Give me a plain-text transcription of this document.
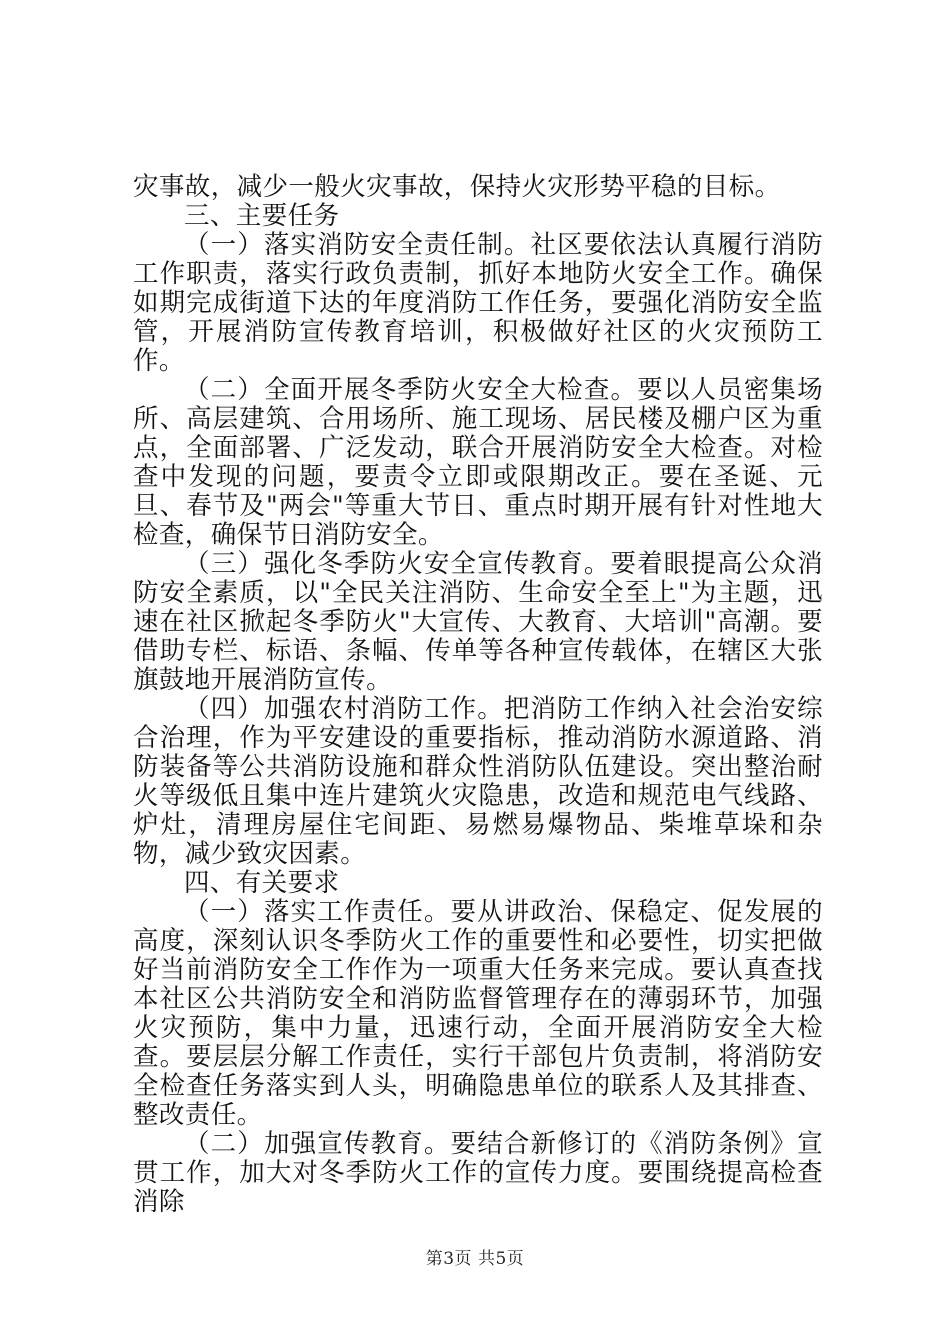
灾事故，减少一般火灾事故，保持火灾形势平稳的目标。

三、主要任务

（一）落实消防安全责任制。社区要依法认真履行消防工作职责，落实行政负责制，抓好本地防火安全工作。确保如期完成街道下达的年度消防工作任务，要强化消防安全监管，开展消防宣传教育培训，积极做好社区的火灾预防工作。

（二）全面开展冬季防火安全大检查。要以人员密集场所、高层建筑、合用场所、施工现场、居民楼及棚户区为重点，全面部署、广泛发动，联合开展消防安全大检查。对检查中发现的问题，要责令立即或限期改正。要在圣诞、元旦、春节及"两会"等重大节日、重点时期开展有针对性地大检查，确保节日消防安全。

（三）强化冬季防火安全宣传教育。要着眼提高公众消防安全素质，以"全民关注消防、生命安全至上"为主题，迅速在社区掀起冬季防火"大宣传、大教育、大培训"高潮。要借助专栏、标语、条幅、传单等各种宣传载体，在辖区大张旗鼓地开展消防宣传。

（四）加强农村消防工作。把消防工作纳入社会治安综合治理，作为平安建设的重要指标，推动消防水源道路、消防装备等公共消防设施和群众性消防队伍建设。突出整治耐火等级低且集中连片建筑火灾隐患，改造和规范电气线路、炉灶，清理房屋住宅间距、易燃易爆物品、柴堆草垛和杂物，减少致灾因素。

四、有关要求

（一）落实工作责任。要从讲政治、保稳定、促发展的高度，深刻认识冬季防火工作的重要性和必要性，切实把做好当前消防安全工作作为一项重大任务来完成。要认真查找本社区公共消防安全和消防监督管理存在的薄弱环节，加强火灾预防，集中力量，迅速行动，全面开展消防安全大检查。要层层分解工作责任，实行干部包片负责制，将消防安全检查任务落实到人头，明确隐患单位的联系人及其排查、整改责任。

（二）加强宣传教育。要结合新修订的《消防条例》宣贯工作，加大对冬季防火工作的宣传力度。要围绕提高检查消除

第3页 共5页
